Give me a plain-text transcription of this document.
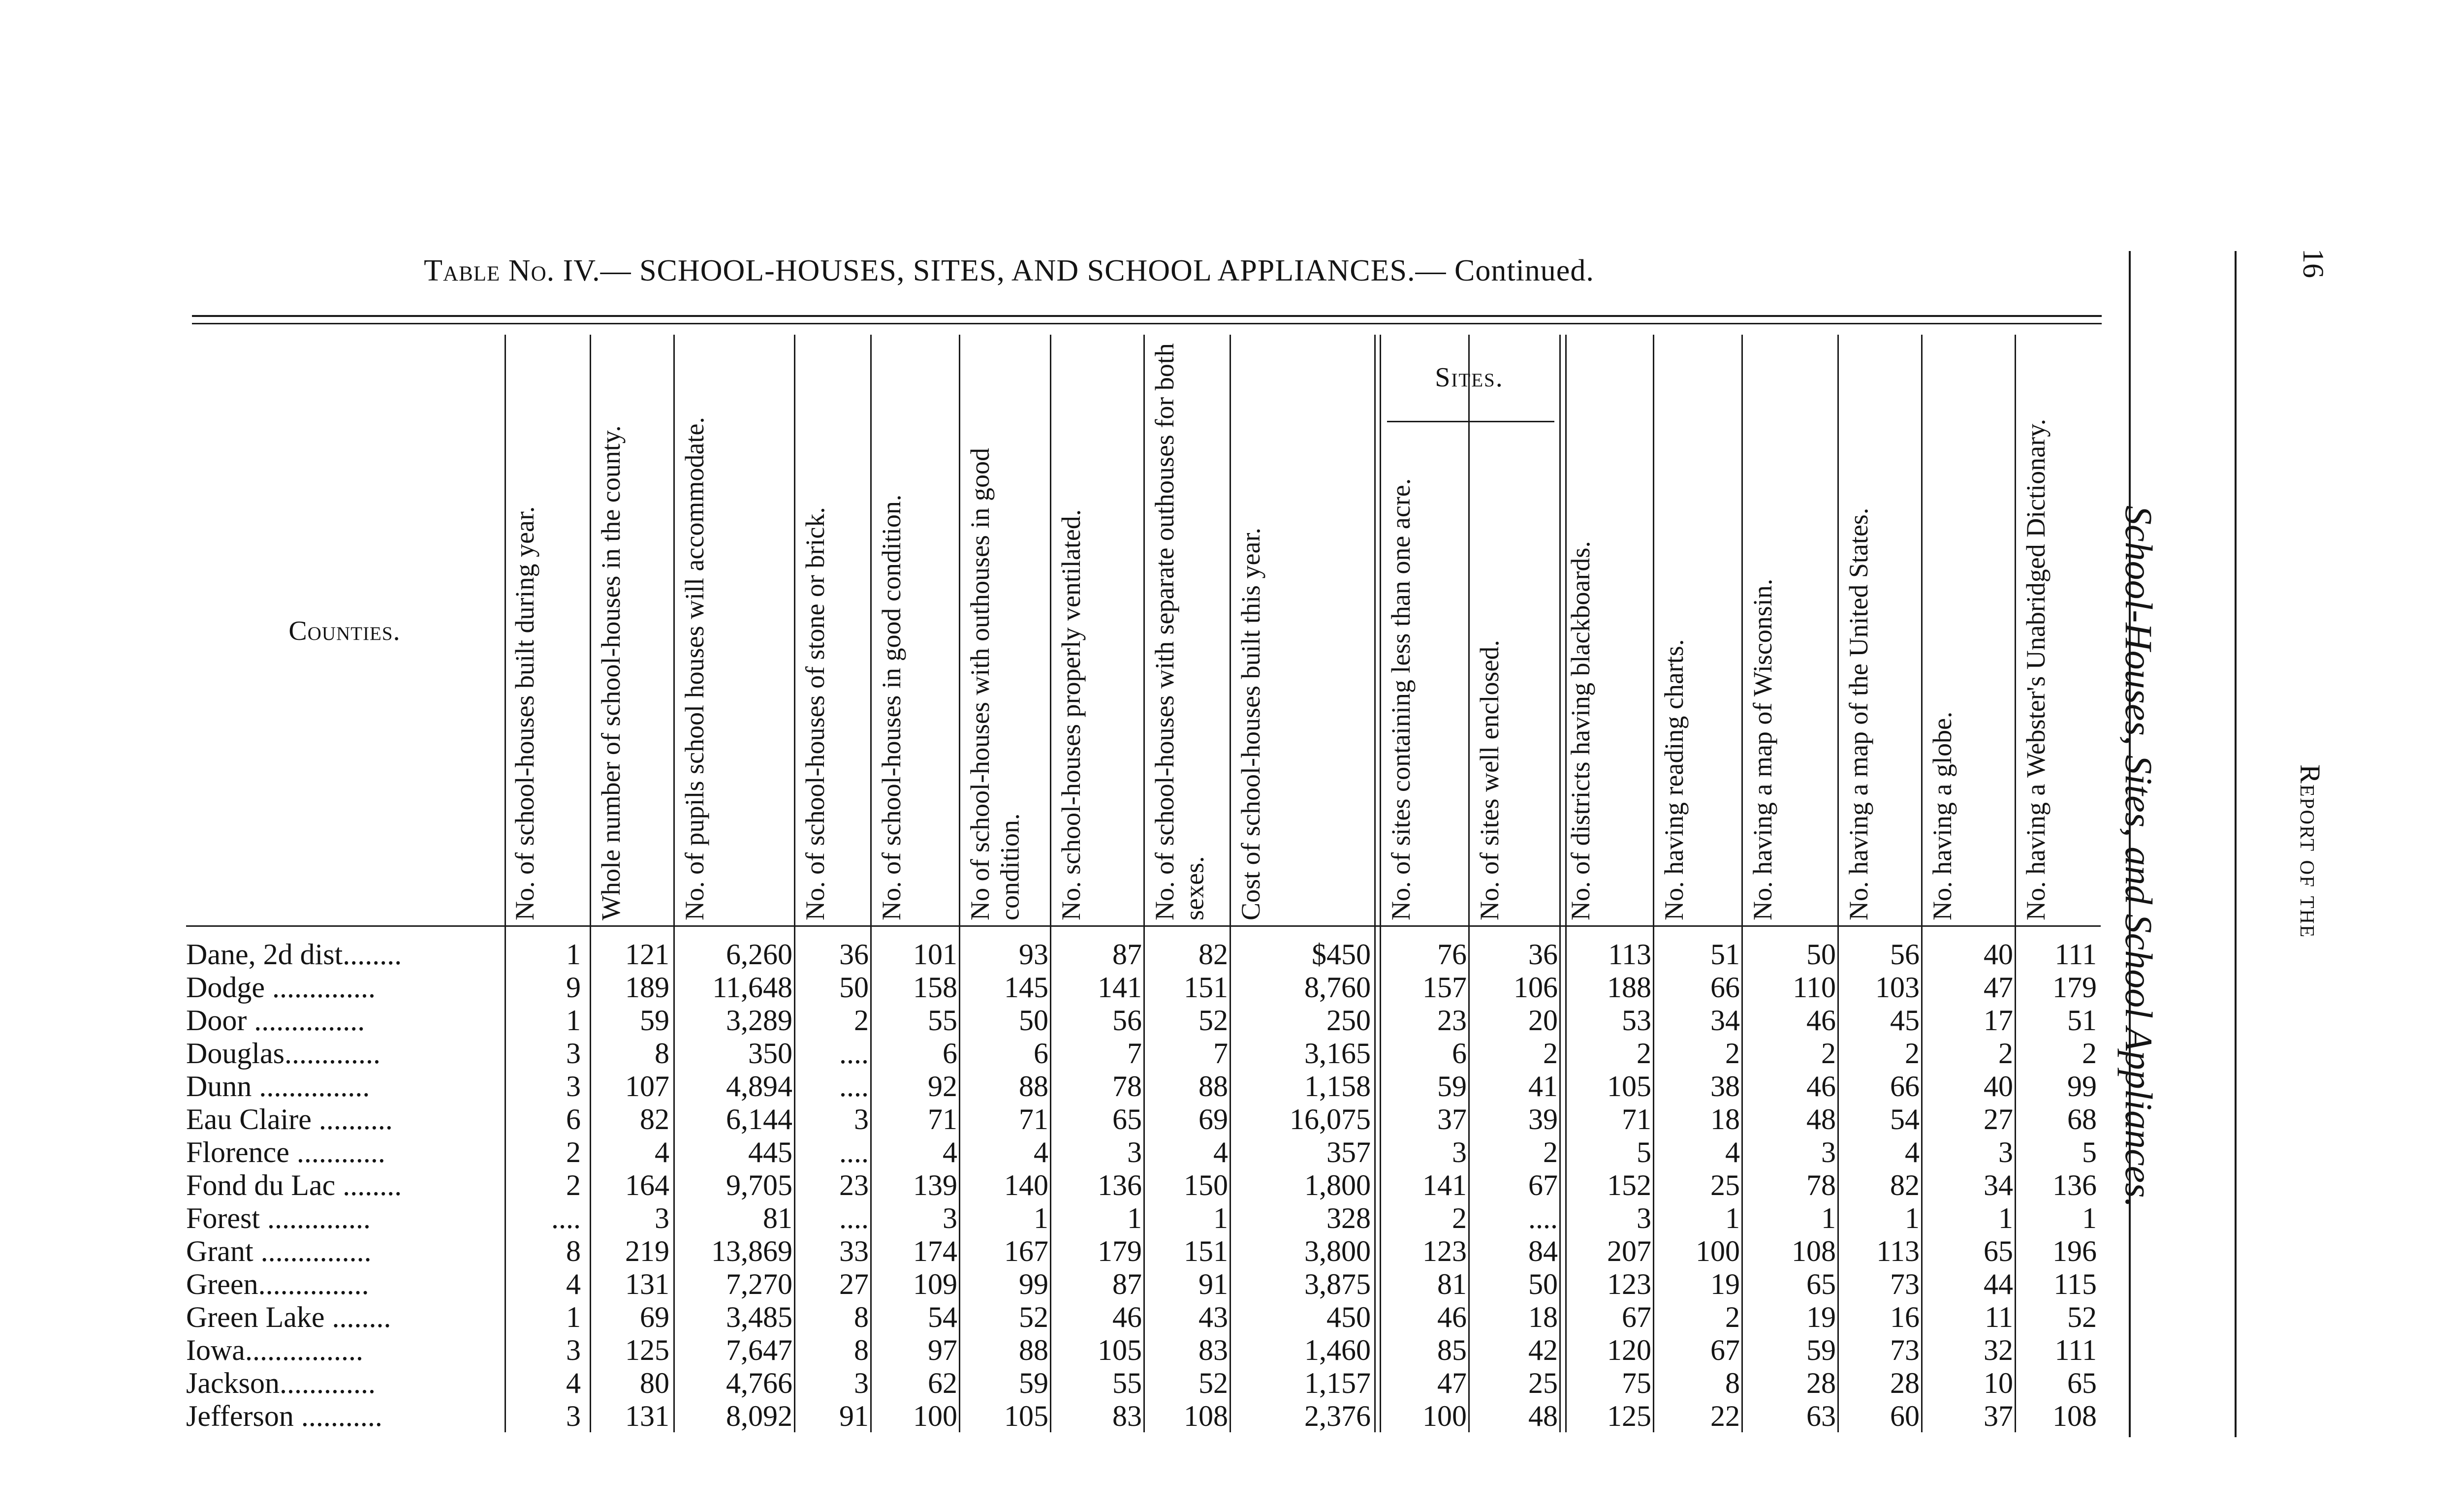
Table No. IV.— SCHOOL-HOUSES, SITES, AND SCHOOL APPLIANCES.— Continued.
Counties.
Sites.
No. of school-houses built during year.	Whole number of school-houses in the county.	No. of pupils school houses will accommodate.	No. of school-houses of stone or brick.	No. of school-houses in good condition.	No of school-houses with outhouses in good condition.	No. school-houses properly ventilated.	No. of school-houses with separate outhouses for both sexes.	Cost of school-houses built this year.	No. of sites containing less than one acre.	No. of sites well enclosed.	No. of districts having blackboards.	No. having reading charts.	No. having a map of Wisconsin.	No. having a map of the United States.	No. having a globe.	No. having a Webster's Unabridged Dictionary.
Dane, 2d dist........	1	121	6,260	36	101	93	87	82	$450	76	36	113	51	50	56	40	111
Dodge ..............	9	189	11,648	50	158	145	141	151	8,760	157	106	188	66	110	103	47	179
Door ...............	1	59	3,289	2	55	50	56	52	250	23	20	53	34	46	45	17	51
Douglas.............	3	8	350	....	6	6	7	7	3,165	6	2	2	2	2	2	2	2
Dunn ...............	3	107	4,894	....	92	88	78	88	1,158	59	41	105	38	46	66	40	99
Eau Claire ..........	6	82	6,144	3	71	71	65	69	16,075	37	39	71	18	48	54	27	68
Florence ............	2	4	445	....	4	4	3	4	357	3	2	5	4	3	4	3	5
Fond du Lac ........	2	164	9,705	23	139	140	136	150	1,800	141	67	152	25	78	82	34	136
Forest ..............	....	3	81	....	3	1	1	1	328	2	....	3	1	1	1	1	1
Grant ...............	8	219	13,869	33	174	167	179	151	3,800	123	84	207	100	108	113	65	196
Green...............	4	131	7,270	27	109	99	87	91	3,875	81	50	123	19	65	73	44	115
Green Lake ........	1	69	3,485	8	54	52	46	43	450	46	18	67	2	19	16	11	52
Iowa................	3	125	7,647	8	97	88	105	83	1,460	85	42	120	67	59	73	32	111
Jackson.............	4	80	4,766	3	62	59	55	52	1,157	47	25	75	8	28	28	10	65
Jefferson ...........	3	131	8,092	91	100	105	83	108	2,376	100	48	125	22	63	60	37	108
School-Houses, Sites, and School Appliances.	Report of the
16
